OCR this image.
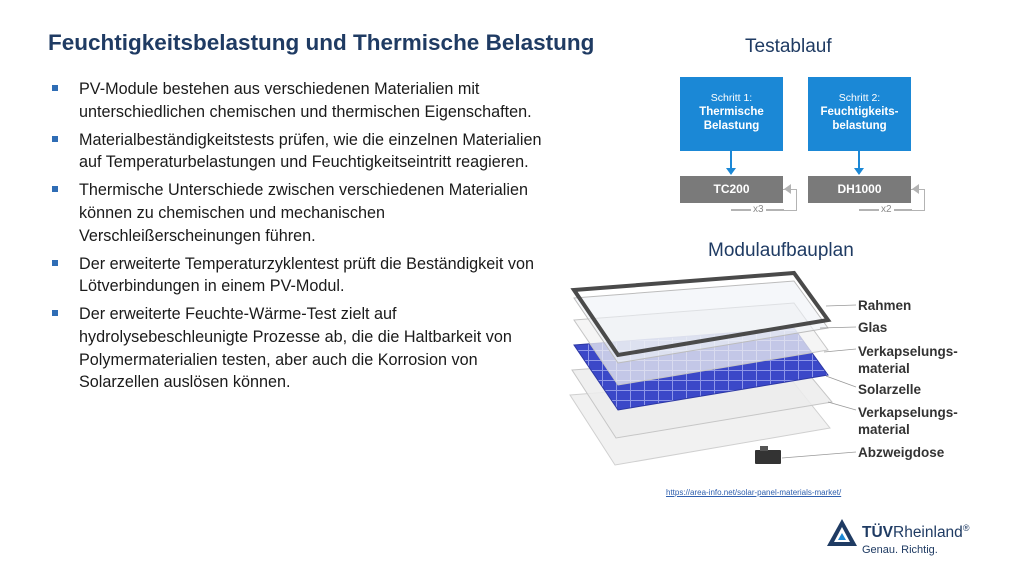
Feuchtigkeitsbelastung und Thermische Belastung
PV-Module bestehen aus verschiedenen Materialien mit unterschiedlichen chemischen und thermischen Eigenschaften.
Materialbeständigkeitstests prüfen, wie die einzelnen Materialien auf Temperaturbelastungen und Feuchtigkeitseintritt reagieren.
Thermische Unterschiede zwischen verschiedenen Materialien können zu chemischen und mechanischen Verschleißerscheinungen führen.
Der erweiterte Temperaturzyklentest prüft die Beständigkeit von Lötverbindungen in einem PV-Modul.
Der erweiterte Feuchte-Wärme-Test zielt auf hydrolysebeschleunigte Prozesse ab, die die Haltbarkeit von Polymermaterialien testen, aber auch die Korrosion von Solarzellen auslösen können.
Testablauf
Schritt 1:
Thermische
Belastung
Schritt 2:
Feuchtigkeits-
belastung
TC200	DH1000
x3	x2
Modulaufbauplan
Rahmen
Glas
Verkapselungs-
material
Solarzelle
Verkapselungs-
material
Abzweigdose
https://area-info.net/solar-panel-materials-market/
TÜVRheinland®
Genau. Richtig.
